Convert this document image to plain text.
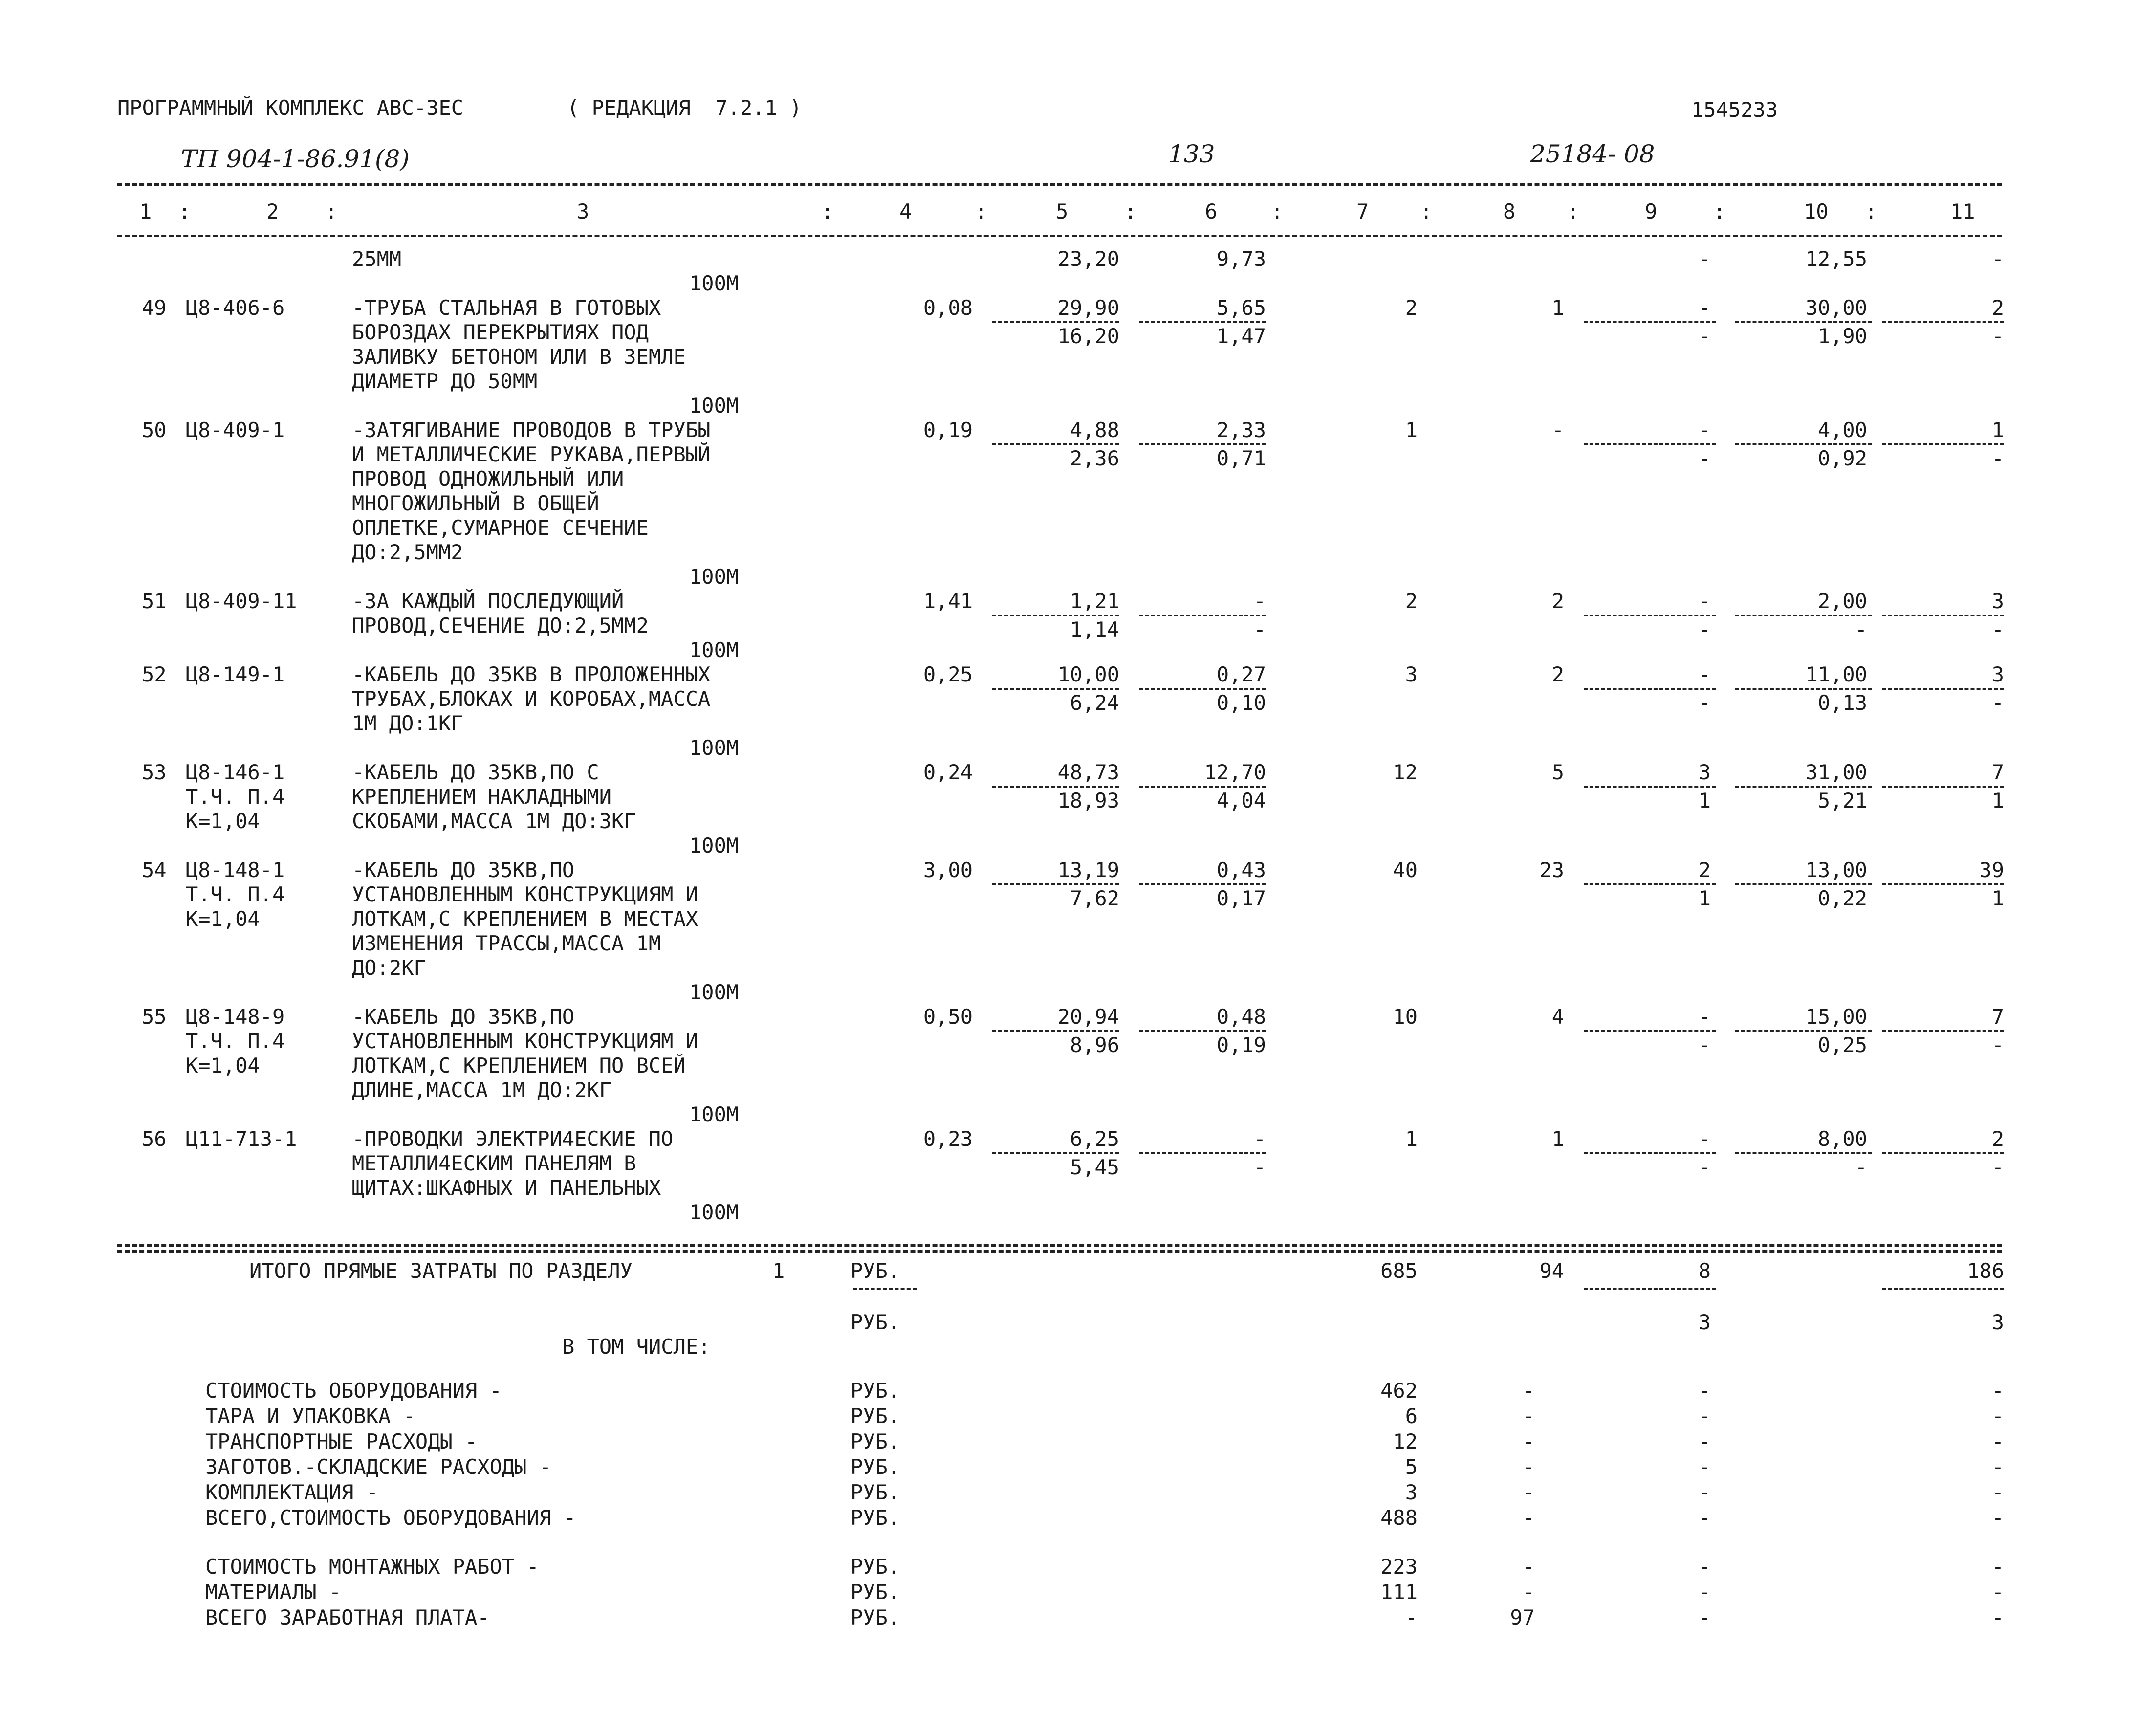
ПРОГРАММНЫЙ КОМПЛЕКС АВС-3ЕС	( РЕДАКЦИЯ  7.2.1 )	1545233
ТП 904-1-86.91(8)	133	25184- 08
1	2	3	4	5	6	7	8	9	10	11
:	:	:	:	:	:	:	:	:	:
25ММ	23,20	9,73	-	12,55	-
100М
49 Ц8-406-6	-ТРУБА СТАЛЬНАЯ В ГОТОВЫХ
БОРОЗДАХ ПЕРЕКРЫТИЯХ ПОД
ЗАЛИВКУ БЕТОНОМ ИЛИ В ЗЕМЛЕ
ДИАМЕТР ДО 50ММ
0,08	29,90	5,65	2	1	-	30,00	2
16,20	1,47	-	1,90	-
100М
50 Ц8-409-1	-ЗАТЯГИВАНИЕ ПРОВОДОВ В ТРУБЫ
И МЕТАЛЛИЧЕСКИЕ РУКАВА,ПЕРВЫЙ
ПРОВОД ОДНОЖИЛЬНЫЙ ИЛИ
МНОГОЖИЛЬНЫЙ В ОБЩЕЙ
ОПЛЕТКЕ,СУМАРНОЕ СЕЧЕНИЕ
ДО:2,5ММ2
0,19	4,88	2,33	1	-	-	4,00	1
2,36	0,71	-	0,92	-
100М
51 Ц8-409-11	-ЗА КАЖДЫЙ ПОСЛЕДУЮЩИЙ
ПРОВОД,СЕЧЕНИЕ ДО:2,5ММ2
1,41	1,21	-	2	2	-	2,00	3
1,14	-	-	-	-
100М
52 Ц8-149-1	-КАБЕЛЬ ДО 35КВ В ПРОЛОЖЕННЫХ
ТРУБАХ,БЛОКАХ И КОРОБАХ,МАССА
1М ДО:1КГ
0,25	10,00	0,27	3	2	-	11,00	3
6,24	0,10	-	0,13	-
100М
53 Ц8-146-1
Т.Ч. П.4
К=1,04
-КАБЕЛЬ ДО 35КВ,ПО С
КРЕПЛЕНИЕМ НАКЛАДНЫМИ
СКОБАМИ,МАССА 1М ДО:3КГ
0,24	48,73	12,70	12	5	3	31,00	7
18,93	4,04	1	5,21	1
100М
54 Ц8-148-1
Т.Ч. П.4
К=1,04
-КАБЕЛЬ ДО 35КВ,ПО
УСТАНОВЛЕННЫМ КОНСТРУКЦИЯМ И
ЛОТКАМ,С КРЕПЛЕНИЕМ В МЕСТАХ
ИЗМЕНЕНИЯ ТРАССЫ,МАССА 1М
ДО:2КГ
3,00	13,19	0,43	40	23	2	13,00	39
7,62	0,17	1	0,22	1
100М
55 Ц8-148-9
Т.Ч. П.4
К=1,04
-КАБЕЛЬ ДО 35КВ,ПО
УСТАНОВЛЕННЫМ КОНСТРУКЦИЯМ И
ЛОТКАМ,С КРЕПЛЕНИЕМ ПО ВСЕЙ
ДЛИНЕ,МАССА 1М ДО:2КГ
0,50	20,94	0,48	10	4	-	15,00	7
8,96	0,19	-	0,25	-
100М
56 Ц11-713-1	-ПРОВОДКИ ЭЛЕКТРИ4ЕСКИЕ ПО
МЕТАЛЛИ4ЕСКИМ ПАНЕЛЯМ В
ЩИТАХ:ШКАФНЫХ И ПАНЕЛЬНЫХ
0,23	6,25	-	1	1	-	8,00	2
5,45	-	-	-	-
100М
ИТОГО ПРЯМЫЕ ЗАТРАТЫ ПО РАЗДЕЛУ	1	РУБ.	685	94	8	186
РУБ.	3	3
В ТОМ ЧИСЛЕ:
СТОИМОСТЬ ОБОРУДОВАНИЯ -	РУБ.	462	-	-	-
ТАРА И УПАКОВКА -	РУБ.	6	-	-	-
ТРАНСПОРТНЫЕ РАСХОДЫ -	РУБ.	12	-	-	-
ЗАГОТОВ.-СКЛАДСКИЕ РАСХОДЫ -	РУБ.	5	-	-	-
КОМПЛЕКТАЦИЯ -	РУБ.	3	-	-	-
ВСЕГО,СТОИМОСТЬ ОБОРУДОВАНИЯ -	РУБ.	488	-	-	-
СТОИМОСТЬ МОНТАЖНЫХ РАБОТ -	РУБ.	223	-	-	-
МАТЕРИАЛЫ -	РУБ.	111	-	-	-
ВСЕГО ЗАРАБОТНАЯ ПЛАТА-	РУБ.	-	97	-	-
